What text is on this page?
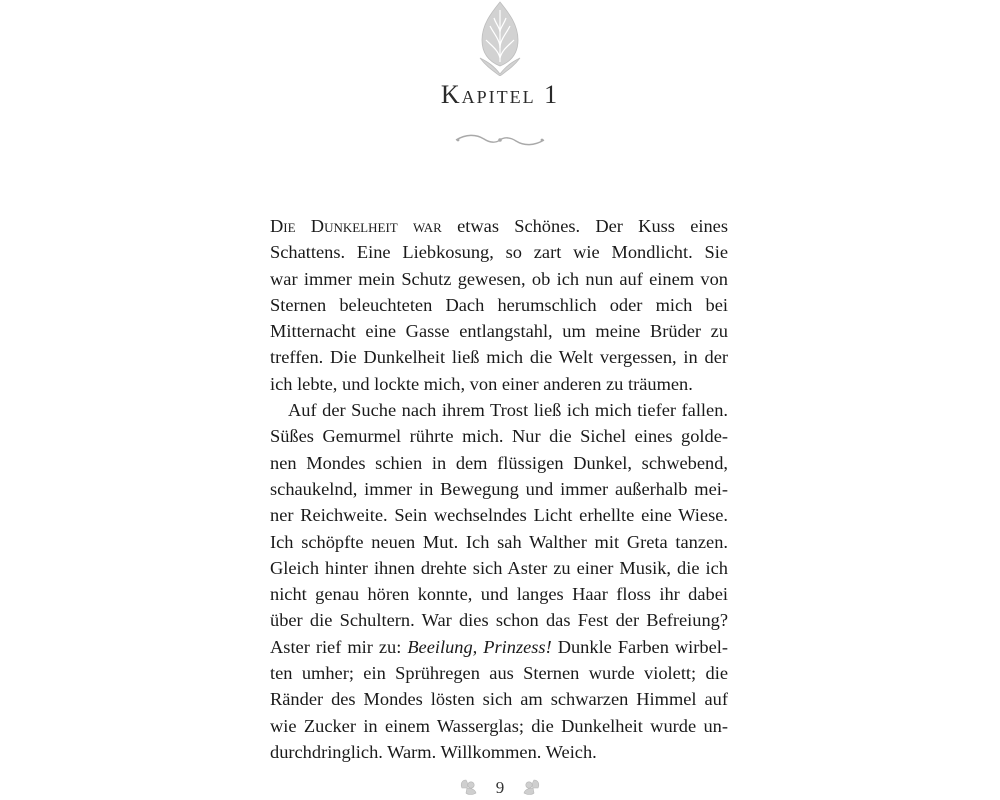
Kapitel 1
Die Dunkelheit war etwas Schönes. Der Kuss eines
Schattens. Eine Liebkosung, so zart wie Mondlicht. Sie
war immer mein Schutz gewesen, ob ich nun auf einem von
Sternen beleuchteten Dach herumschlich oder mich bei
Mitternacht eine Gasse entlangstahl, um meine Brüder zu
treffen. Die Dunkelheit ließ mich die Welt vergessen, in der
ich lebte, und lockte mich, von einer anderen zu träumen.
Auf der Suche nach ihrem Trost ließ ich mich tiefer fallen.
Süßes Gemurmel rührte mich. Nur die Sichel eines golde-
nen Mondes schien in dem flüssigen Dunkel, schwebend,
schaukelnd, immer in Bewegung und immer außerhalb mei-
ner Reichweite. Sein wechselndes Licht erhellte eine Wiese.
Ich schöpfte neuen Mut. Ich sah Walther mit Greta tanzen.
Gleich hinter ihnen drehte sich Aster zu einer Musik, die ich
nicht genau hören konnte, und langes Haar floss ihr dabei
über die Schultern. War dies schon das Fest der Befreiung?
Aster rief mir zu: Beeilung, Prinzess! Dunkle Farben wirbel-
ten umher; ein Sprühregen aus Sternen wurde violett; die
Ränder des Mondes lösten sich am schwarzen Himmel auf
wie Zucker in einem Wasserglas; die Dunkelheit wurde un-
durchdringlich. Warm. Willkommen. Weich.
9
